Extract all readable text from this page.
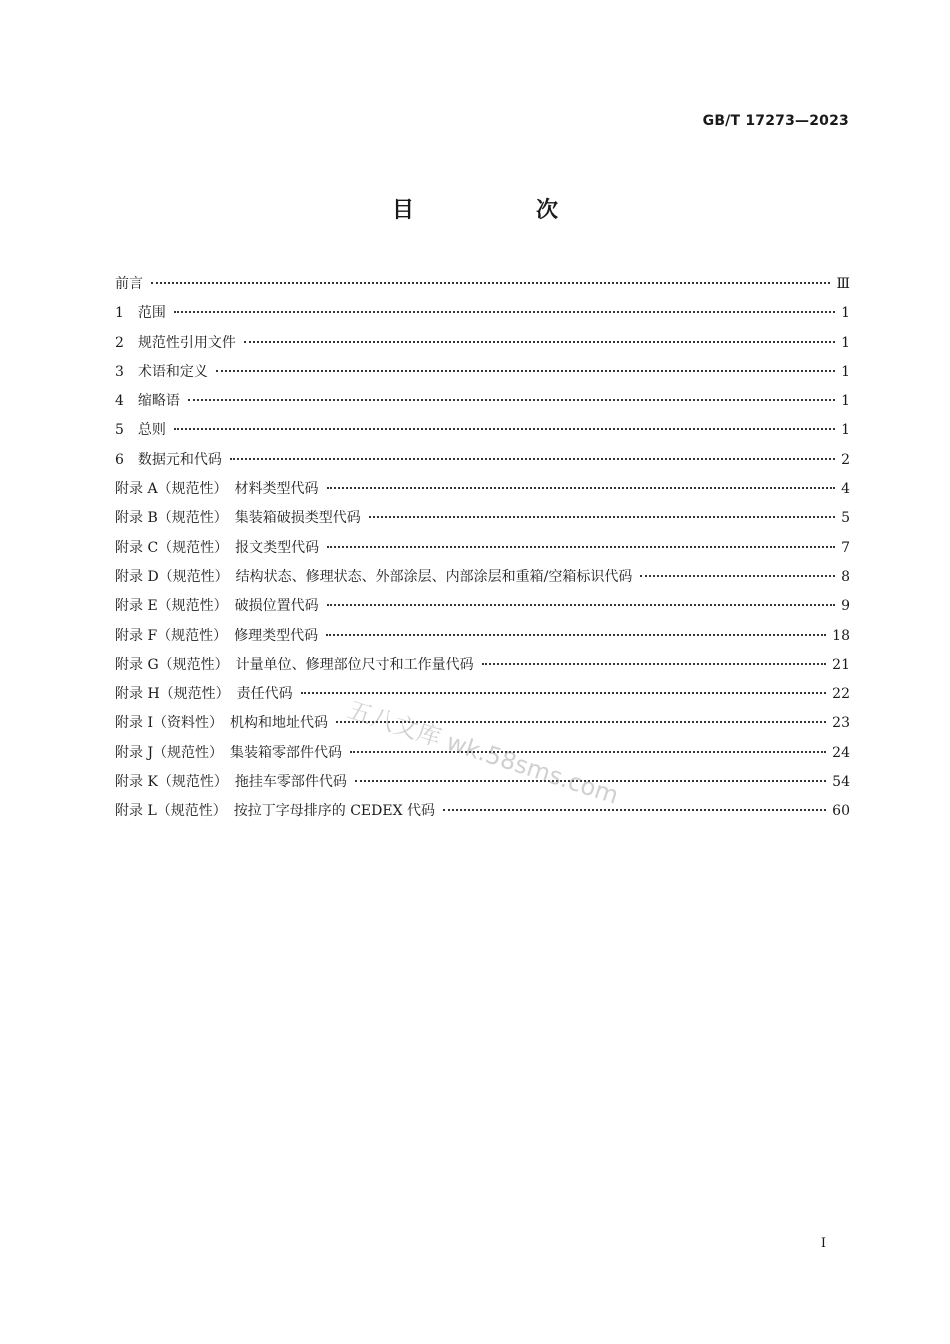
GB/T 17273—2023
目　次
前言	Ⅲ
1　范围	1
2　规范性引用文件	1
3　术语和定义	1
4　缩略语	1
5　总则	1
6　数据元和代码	2
附录 A（规范性）　材料类型代码	4
附录 B（规范性）　集装箱破损类型代码	5
附录 C（规范性）　报文类型代码	7
附录 D（规范性）　结构状态、修理状态、外部涂层、内部涂层和重箱/空箱标识代码	8
附录 E（规范性）　破损位置代码	9
附录 F（规范性）　修理类型代码	18
附录 G（规范性）　计量单位、修理部位尺寸和工作量代码	21
附录 H（规范性）　责任代码	22
附录 I（资料性）　机构和地址代码	23
附录 J（规范性）　集装箱零部件代码	24
附录 K（规范性）　拖挂车零部件代码	54
附录 L（规范性）　按拉丁字母排序的 CEDEX 代码	60
五八文库 wk.58sms.com
I
